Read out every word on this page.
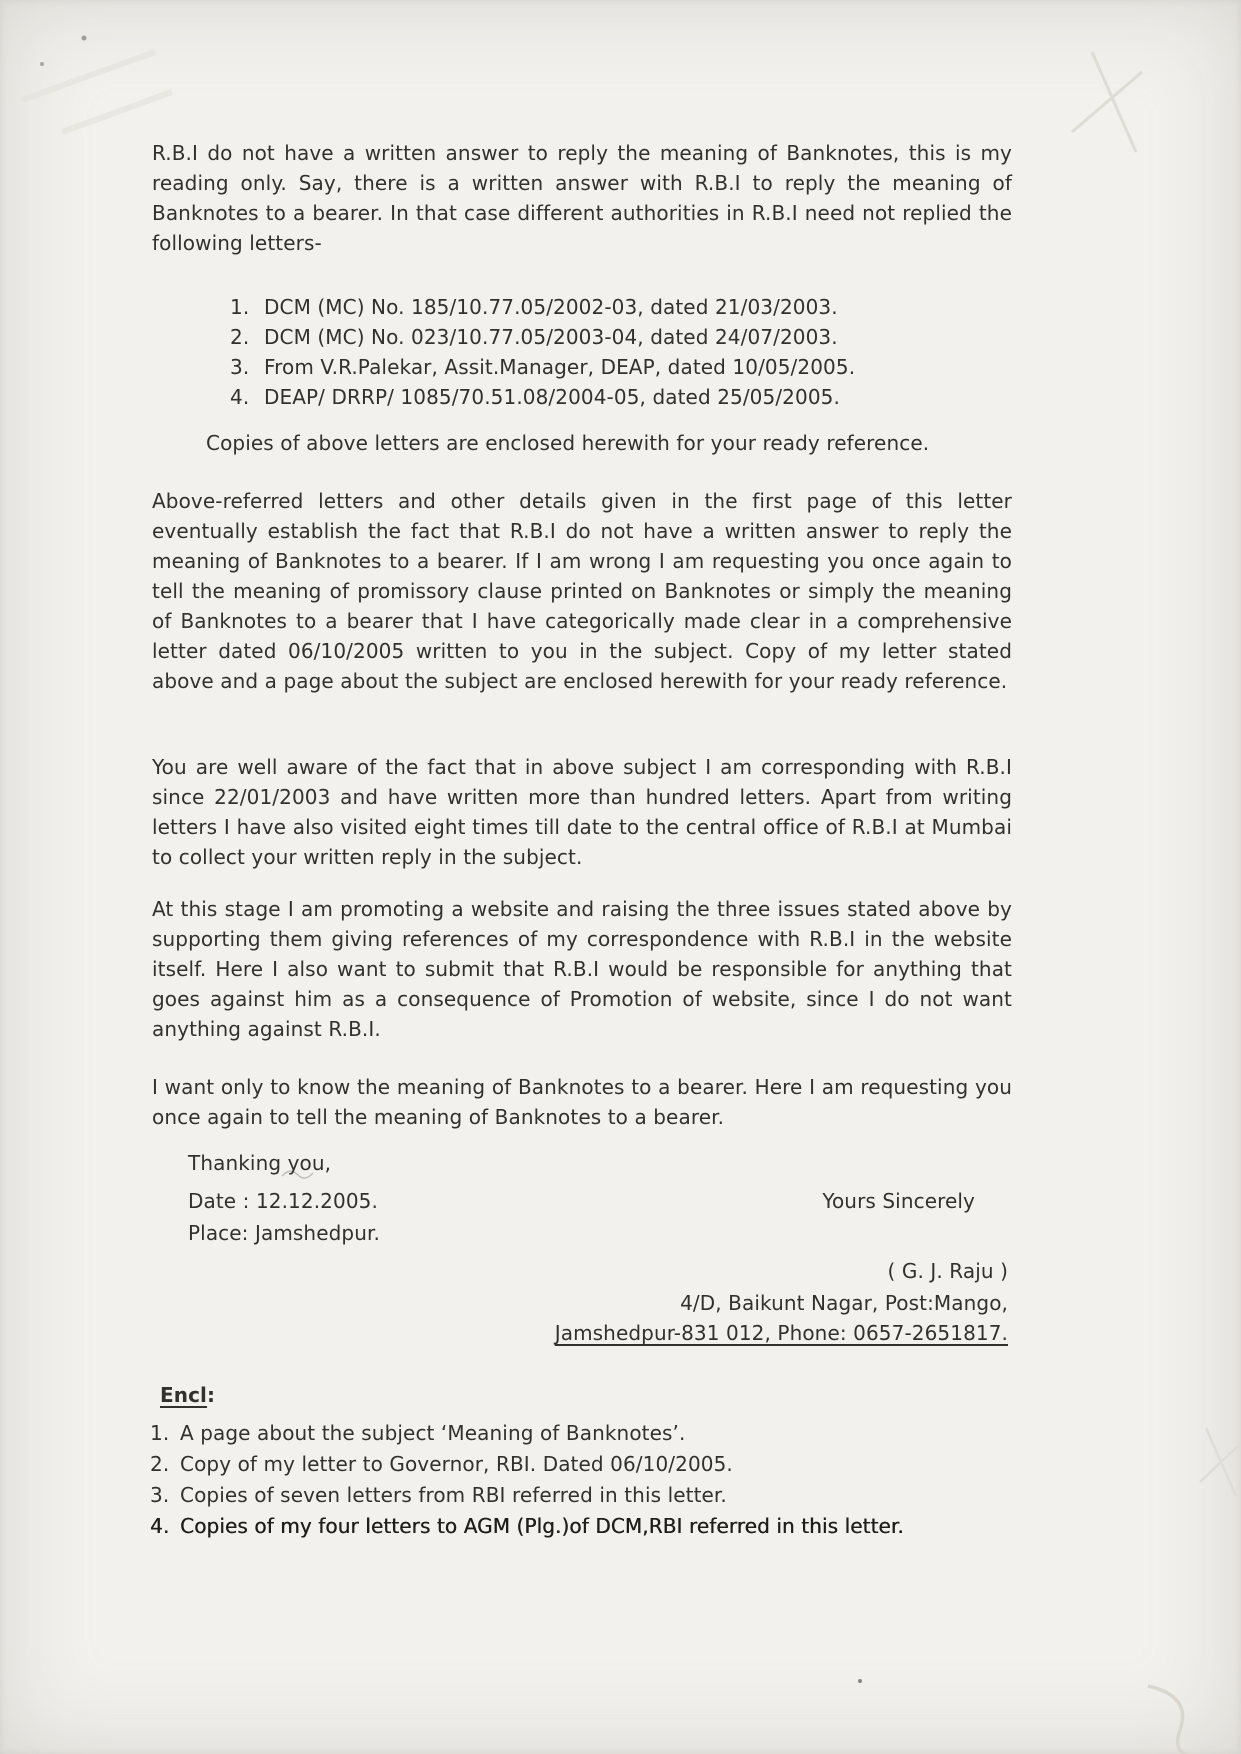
R.B.I do not have a written answer to reply the meaning of Banknotes, this is my reading only. Say, there is a written answer with R.B.I to reply the meaning of Banknotes to a bearer. In that case different authorities in R.B.I need not replied the following letters-
1. DCM (MC) No. 185/10.77.05/2002-03, dated 21/03/2003.
2. DCM (MC) No. 023/10.77.05/2003-04, dated 24/07/2003.
3. From V.R.Palekar, Assit.Manager, DEAP, dated 10/05/2005.
4. DEAP/ DRRP/ 1085/70.51.08/2004-05, dated 25/05/2005.
Copies of above letters are enclosed herewith for your ready reference.
Above-referred letters and other details given in the first page of this letter eventually establish the fact that R.B.I do not have a written answer to reply the meaning of Banknotes to a bearer. If I am wrong I am requesting you once again to tell the meaning of promissory clause printed on Banknotes or simply the meaning of Banknotes to a bearer that I have categorically made clear in a comprehensive letter dated 06/10/2005 written to you in the subject. Copy of my letter stated above and a page about the subject are enclosed herewith for your ready reference.
You are well aware of the fact that in above subject I am corresponding with R.B.I since 22/01/2003 and have written more than hundred letters. Apart from writing letters I have also visited eight times till date to the central office of R.B.I at Mumbai to collect your written reply in the subject.
At this stage I am promoting a website and raising the three issues stated above by supporting them giving references of my correspondence with R.B.I in the website itself. Here I also want to submit that R.B.I would be responsible for anything that goes against him as a consequence of Promotion of website, since I do not want anything against R.B.I.
I want only to know the meaning of Banknotes to a bearer. Here I am requesting you once again to tell the meaning of Banknotes to a bearer.
Thanking you,
Date : 12.12.2005.	Yours Sincerely
Place: Jamshedpur.
( G. J. Raju )
4/D, Baikunt Nagar, Post:Mango,
Jamshedpur-831 012, Phone: 0657-2651817.
Encl:
1. A page about the subject ‘Meaning of Banknotes’.
2. Copy of my letter to Governor, RBI. Dated 06/10/2005.
3. Copies of seven letters from RBI referred in this letter.
4. Copies of my four letters to AGM (Plg.)of DCM,RBI referred in this letter.
